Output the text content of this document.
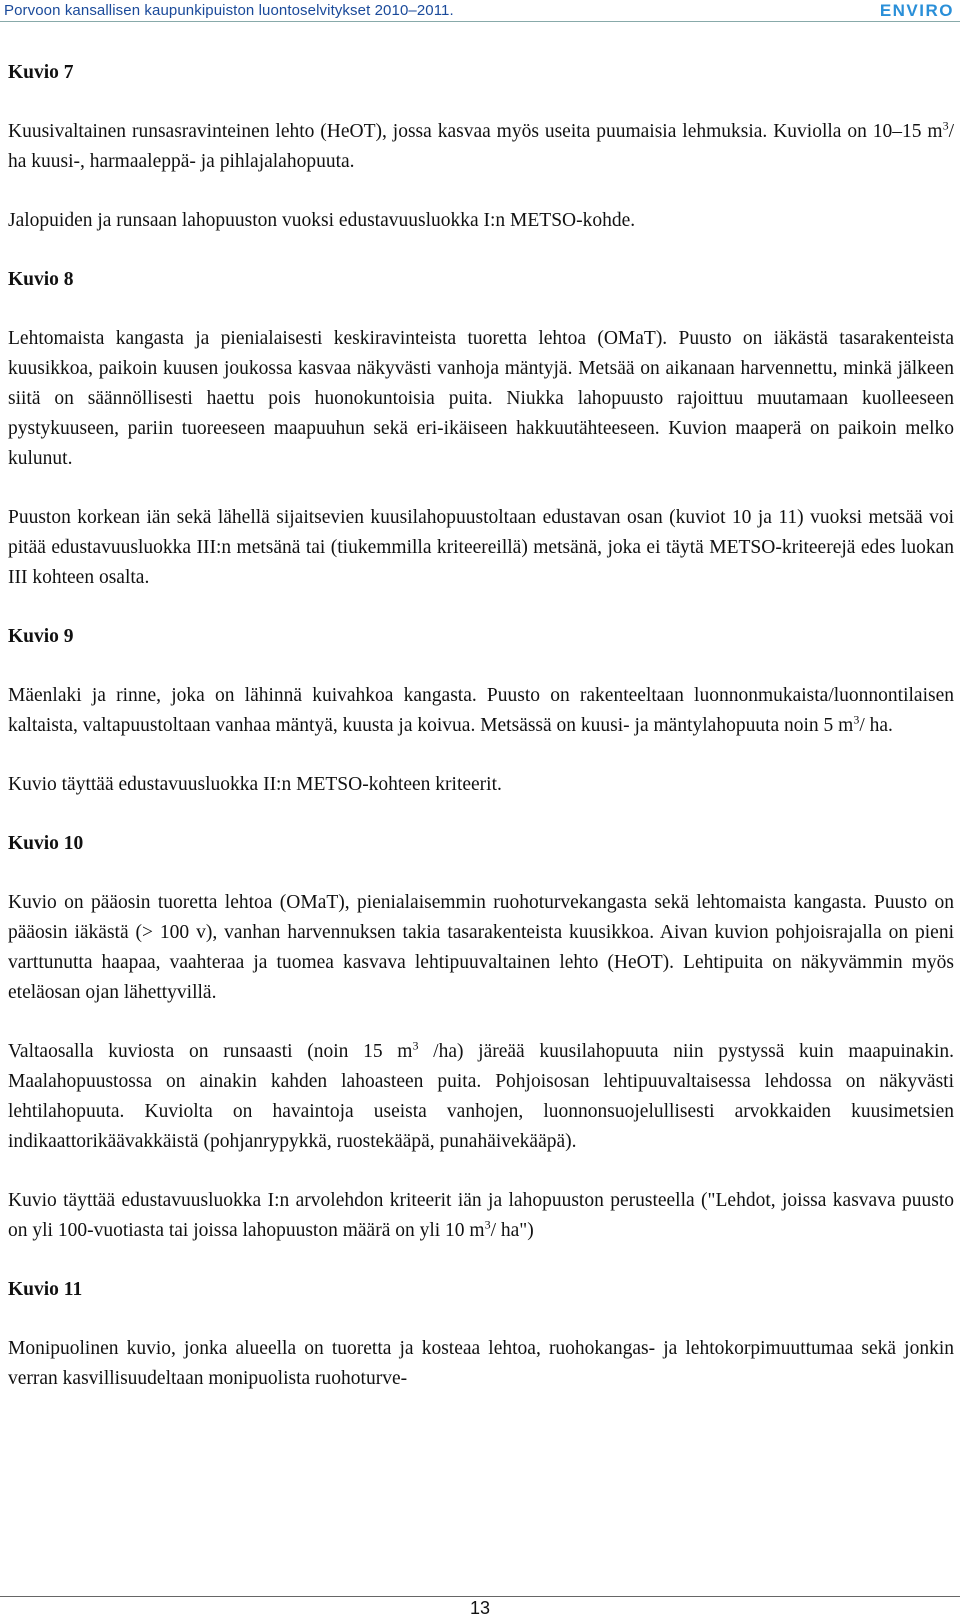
Porvoon kansallisen kaupunkipuiston luontoselvitykset 2010–2011.	ENVIRO
Kuvio 7

Kuusivaltainen runsasravinteinen lehto (HeOT), jossa kasvaa myös useita puumaisia lehmuksia. Kuviolla on 10–15 $m^3/$ ha kuusi-, harmaaleppä- ja pihlajalahopuuta.

Jalopuiden ja runsaan lahopuuston vuoksi edustavuusluokka I:n METSO-kohde.

Kuvio 8

Lehtomaista kangasta ja pienialaisesti keskiravinteista tuoretta lehtoa (OMaT). Puusto on iäkästä tasarakenteista kuusikkoa, paikoin kuusen joukossa kasvaa näkyvästi vanhoja mäntyjä. Metsää on aikanaan harvennettu, minkä jälkeen siitä on säännöllisesti haettu pois huonokuntoisia puita. Niukka lahopuusto rajoittuu muutamaan kuolleeseen pystykuuseen, pariin tuoreeseen maapuuhun sekä eri-ikäiseen hakkuutähteeseen. Kuvion maaperä on paikoin melko kulunut.

Puuston korkean iän sekä lähellä sijaitsevien kuusilahopuustoltaan edustavan osan (kuviot 10 ja 11) vuoksi metsää voi pitää edustavuusluokka III:n metsänä tai (tiukemmilla kriteereillä) metsänä, joka ei täytä METSO-kriteerejä edes luokan III kohteen osalta.

Kuvio 9

Mäenlaki ja rinne, joka on lähinnä kuivahkoa kangasta. Puusto on rakenteeltaan luonnonmukaista/luonnontilaisen kaltaista, valtapuustoltaan vanhaa mäntyä, kuusta ja koivua. Metsässä on kuusi- ja mäntylahopuuta noin 5 $m^3/$ ha.

Kuvio täyttää edustavuusluokka II:n METSO-kohteen kriteerit.

Kuvio 10

Kuvio on pääosin tuoretta lehtoa (OMaT), pienialaisemmin ruohoturvekangasta sekä lehtomaista kangasta. Puusto on pääosin iäkästä (> 100 v), vanhan harvennuksen takia tasarakenteista kuusikkoa. Aivan kuvion pohjoisrajalla on pieni varttunutta haapaa, vaahteraa ja tuomea kasvava lehtipuuvaltainen lehto (HeOT). Lehtipuita on näkyvämmin myös eteläosan ojan lähettyvillä.

Valtaosalla kuviosta on runsaasti (noin 15 $m^3$ /ha) järeää kuusilahopuuta niin pystyssä kuin maapuinakin. Maalahopuustossa on ainakin kahden lahoasteen puita. Pohjoisosan lehtipuuvaltaisessa lehdossa on näkyvästi lehtilahopuuta. Kuviolta on havaintoja useista vanhojen, luonnonsuojelullisesti arvokkaiden kuusimetsien indikaattorikäävakkäistä (pohjanrypykkä, ruostekääpä, punahäivekääpä).

Kuvio täyttää edustavuusluokka I:n arvolehdon kriteerit iän ja lahopuuston perusteella ("Lehdot, joissa kasvava puusto on yli 100-vuotiasta tai joissa lahopuuston määrä on yli 10 $m^3/$ ha")

Kuvio 11

Monipuolinen kuvio, jonka alueella on tuoretta ja kosteaa lehtoa, ruohokangas- ja lehtokorpimuuttumaa sekä jonkin verran kasvillisuudeltaan monipuolista ruohoturve-

13
